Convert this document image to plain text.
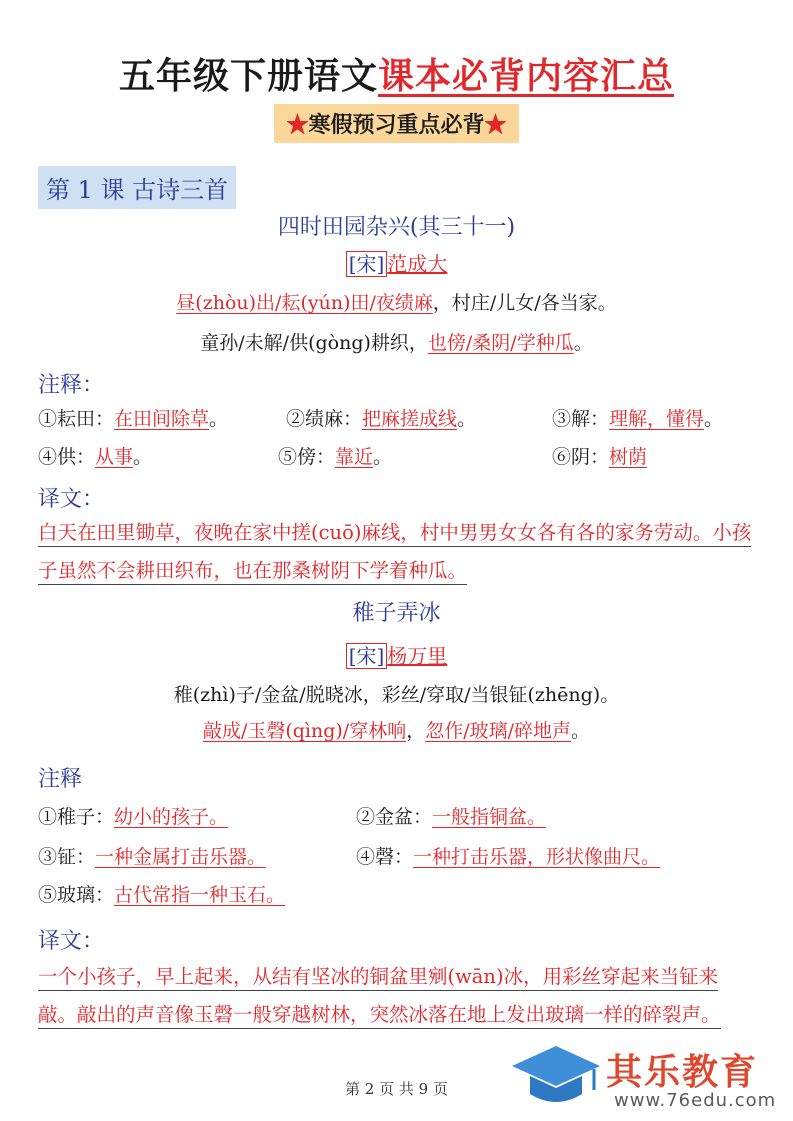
五年级下册语文课本必背内容汇总
★寒假预习重点必背★
第 1 课 古诗三首
四时田园杂兴(其三十一)
[宋] 范成大
昼(zhòu)出/耘(yún)田/夜绩麻，村庄/儿女/各当家。
童孙/未解/供(gòng)耕织，也傍/桑阴/学种瓜。
注释：
①耘田：在田间除草。	②绩麻：把麻搓成线。	③解：理解，懂得。
④供：从事。	⑤傍：靠近。	⑥阴：树荫
译文：
白天在田里锄草，夜晚在家中搓(cuō)麻线，村中男男女女各有各的家务劳动。小孩子虽然不会耕田织布，也在那桑树阴下学着种瓜。
稚子弄冰
[宋] 杨万里
稚(zhì)子/金盆/脱晓冰，彩丝/穿取/当银钲(zhēng)。
敲成/玉磬(qìng)/穿林响，忽作/玻璃/碎地声。
注释
①稚子：幼小的孩子。	②金盆：一般指铜盆。
③钲：一种金属打击乐器。	④磬：一种打击乐器，形状像曲尺。
⑤玻璃：古代常指一种玉石。
译文：
一个小孩子，早上起来，从结有坚冰的铜盆里剜(wān)冰，用彩丝穿起来当钲来敲。敲出的声音像玉磬一般穿越树林，突然冰落在地上发出玻璃一样的碎裂声。
第 2 页 共 9 页	其乐教育
www.76edu.com
